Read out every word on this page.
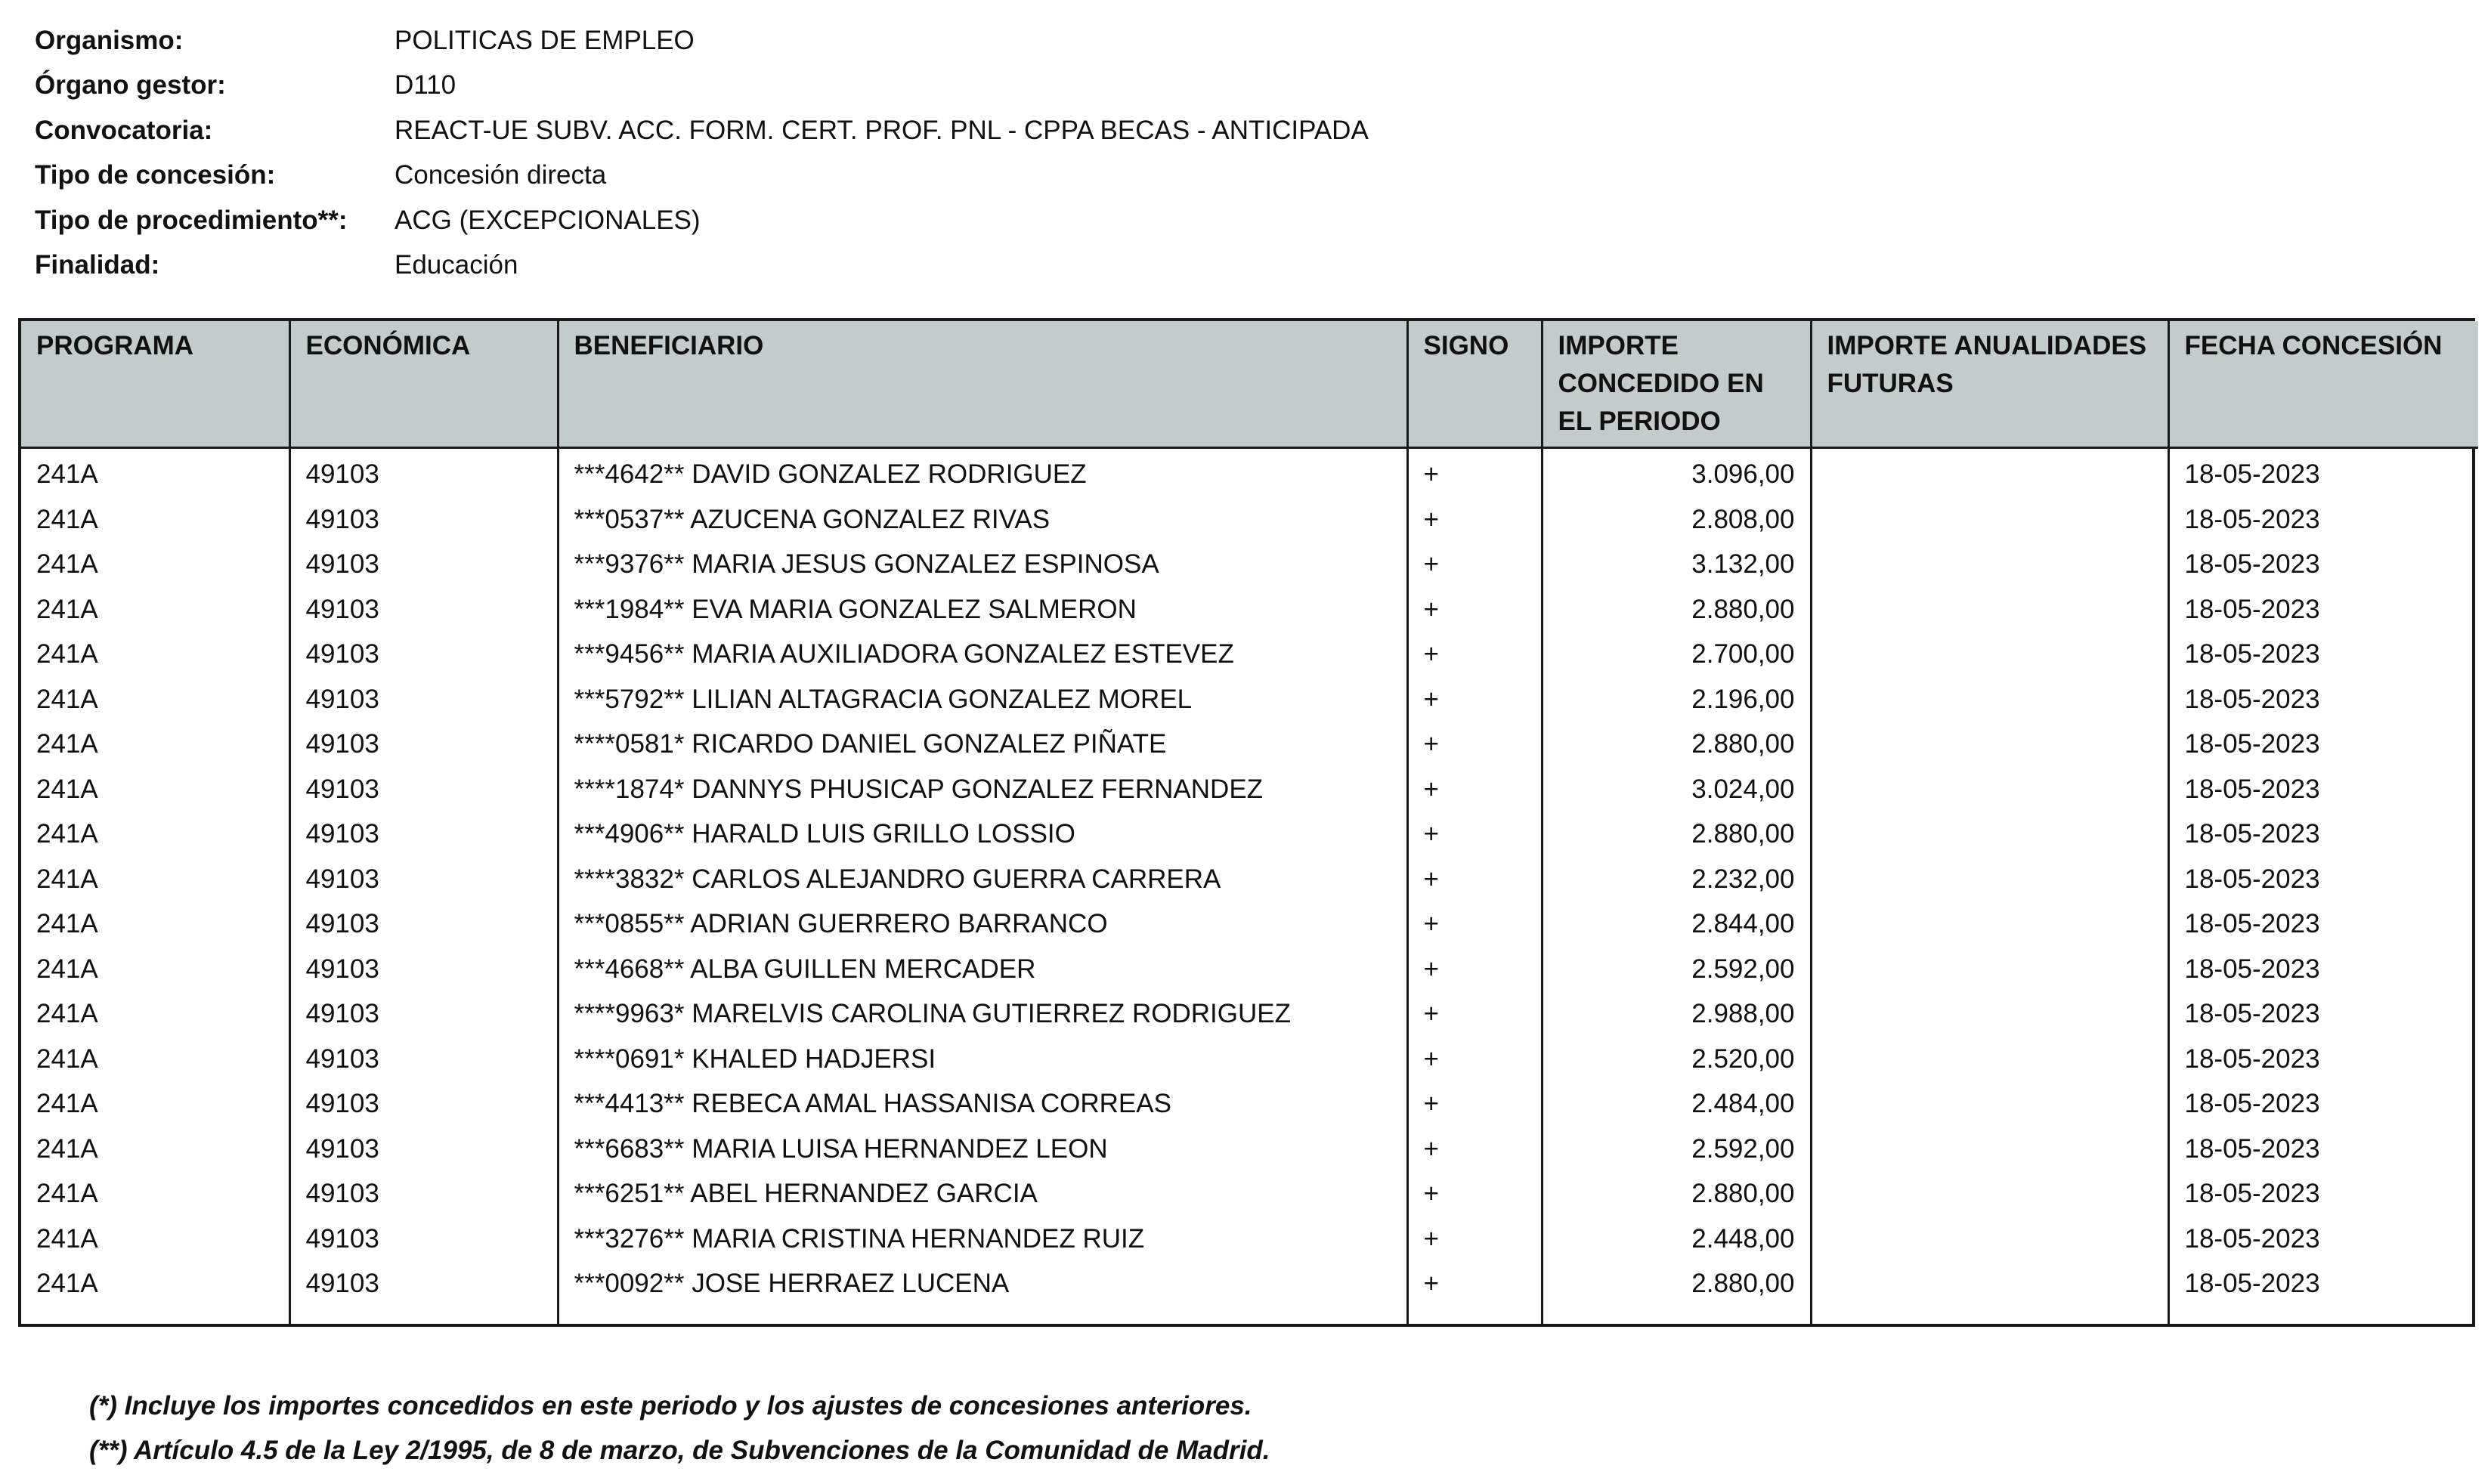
Organismo:	POLITICAS DE EMPLEO
Órgano gestor:	D110
Convocatoria:	REACT-UE SUBV. ACC. FORM. CERT. PROF. PNL - CPPA BECAS - ANTICIPADA
Tipo de concesión:	Concesión directa
Tipo de procedimiento**:	ACG (EXCEPCIONALES)
Finalidad:	Educación
PROGRAMA	ECONÓMICA	BENEFICIARIO	SIGNO	IMPORTE CONCEDIDO EN EL PERIODO	IMPORTE ANUALIDADES FUTURAS	FECHA CONCESIÓN
241A	49103	***4642** DAVID GONZALEZ RODRIGUEZ	+	3.096,00		18-05-2023
241A	49103	***0537** AZUCENA GONZALEZ RIVAS	+	2.808,00		18-05-2023
241A	49103	***9376** MARIA JESUS GONZALEZ ESPINOSA	+	3.132,00		18-05-2023
241A	49103	***1984** EVA MARIA GONZALEZ SALMERON	+	2.880,00		18-05-2023
241A	49103	***9456** MARIA AUXILIADORA GONZALEZ ESTEVEZ	+	2.700,00		18-05-2023
241A	49103	***5792** LILIAN ALTAGRACIA GONZALEZ MOREL	+	2.196,00		18-05-2023
241A	49103	****0581* RICARDO DANIEL GONZALEZ PIÑATE	+	2.880,00		18-05-2023
241A	49103	****1874* DANNYS PHUSICAP GONZALEZ FERNANDEZ	+	3.024,00		18-05-2023
241A	49103	***4906** HARALD LUIS GRILLO LOSSIO	+	2.880,00		18-05-2023
241A	49103	****3832* CARLOS ALEJANDRO GUERRA CARRERA	+	2.232,00		18-05-2023
241A	49103	***0855** ADRIAN GUERRERO BARRANCO	+	2.844,00		18-05-2023
241A	49103	***4668** ALBA GUILLEN MERCADER	+	2.592,00		18-05-2023
241A	49103	****9963* MARELVIS CAROLINA GUTIERREZ RODRIGUEZ	+	2.988,00		18-05-2023
241A	49103	****0691* KHALED HADJERSI	+	2.520,00		18-05-2023
241A	49103	***4413** REBECA AMAL HASSANISA CORREAS	+	2.484,00		18-05-2023
241A	49103	***6683** MARIA LUISA HERNANDEZ LEON	+	2.592,00		18-05-2023
241A	49103	***6251** ABEL HERNANDEZ GARCIA	+	2.880,00		18-05-2023
241A	49103	***3276** MARIA CRISTINA HERNANDEZ RUIZ	+	2.448,00		18-05-2023
241A	49103	***0092** JOSE HERRAEZ LUCENA	+	2.880,00		18-05-2023

(*) Incluye los importes concedidos en este periodo y los ajustes de concesiones anteriores.
(**) Artículo 4.5 de la Ley 2/1995, de 8 de marzo, de Subvenciones de la Comunidad de Madrid.
